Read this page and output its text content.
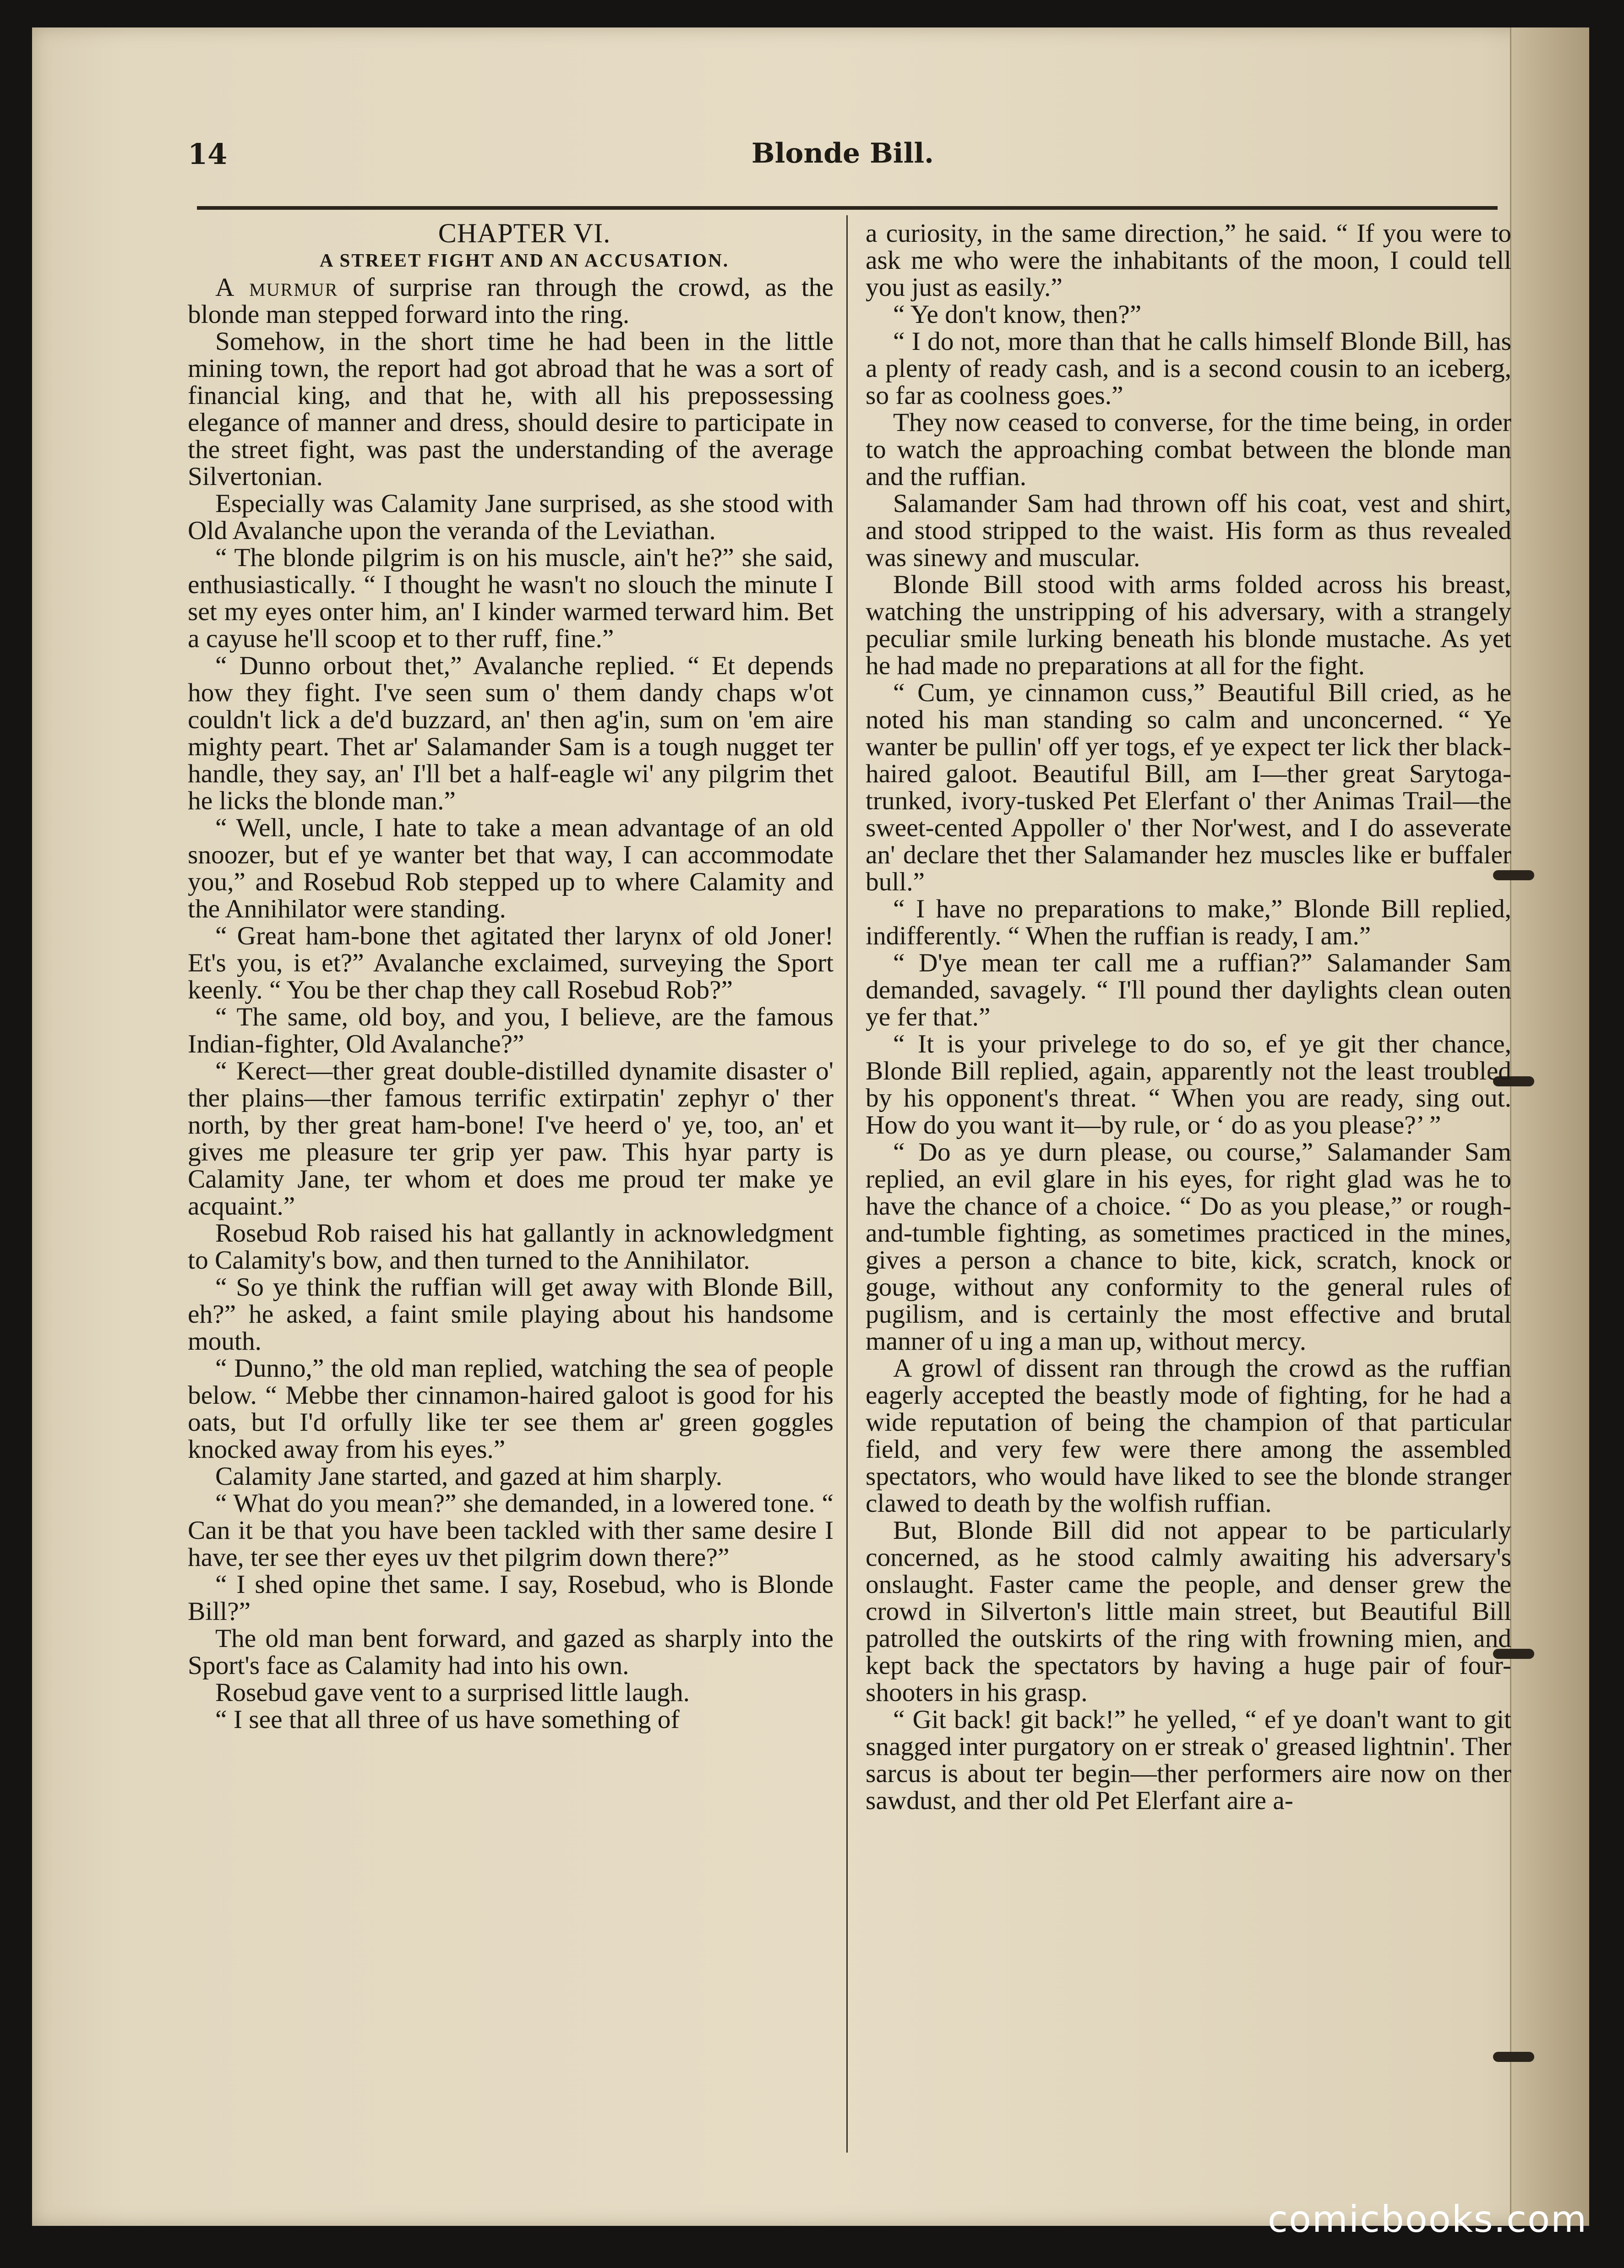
14	Blonde Bill.

CHAPTER VI.

A STREET FIGHT AND AN ACCUSATION.

A murmur of surprise ran through the crowd, as the blonde man stepped forward into the ring.

Somehow, in the short time he had been in the little mining town, the report had got abroad that he was a sort of financial king, and that he, with all his prepossessing elegance of manner and dress, should desire to participate in the street fight, was past the understanding of the average Silvertonian.

Especially was Calamity Jane surprised, as she stood with Old Avalanche upon the veranda of the Leviathan.

“ The blonde pilgrim is on his muscle, ain't he?” she said, enthusiastically. “ I thought he wasn't no slouch the minute I set my eyes onter him, an' I kinder warmed terward him. Bet a cayuse he'll scoop et to ther ruff, fine.”

“ Dunno orbout thet,” Avalanche replied. “ Et depends how they fight. I've seen sum o' them dandy chaps w'ot couldn't lick a de'd buzzard, an' then ag'in, sum on 'em aire mighty peart. Thet ar' Salamander Sam is a tough nugget ter handle, they say, an' I'll bet a half-eagle wi' any pilgrim thet he licks the blonde man.”

“ Well, uncle, I hate to take a mean advantage of an old snoozer, but ef ye wanter bet that way, I can accommodate you,” and Rosebud Rob stepped up to where Calamity and the Annihilator were standing.

“ Great ham-bone thet agitated ther larynx of old Joner! Et's you, is et?” Avalanche exclaimed, surveying the Sport keenly. “ You be ther chap they call Rosebud Rob?”

“ The same, old boy, and you, I believe, are the famous Indian-fighter, Old Avalanche?”

“ Kerect—ther great double-distilled dynamite disaster o' ther plains—ther famous terrific extirpatin' zephyr o' ther north, by ther great ham-bone! I've heerd o' ye, too, an' et gives me pleasure ter grip yer paw. This hyar party is Calamity Jane, ter whom et does me proud ter make ye acquaint.”

Rosebud Rob raised his hat gallantly in acknowledgment to Calamity's bow, and then turned to the Annihilator.

“ So ye think the ruffian will get away with Blonde Bill, eh?” he asked, a faint smile playing about his handsome mouth.

“ Dunno,” the old man replied, watching the sea of people below. “ Mebbe ther cinnamon-haired galoot is good for his oats, but I'd orfully like ter see them ar' green goggles knocked away from his eyes.”

Calamity Jane started, and gazed at him sharply.

“ What do you mean?” she demanded, in a lowered tone. “ Can it be that you have been tackled with ther same desire I have, ter see ther eyes uv thet pilgrim down there?”

“ I shed opine thet same. I say, Rosebud, who is Blonde Bill?”

The old man bent forward, and gazed as sharply into the Sport's face as Calamity had into his own.

Rosebud gave vent to a surprised little laugh.

“ I see that all three of us have something of

a curiosity, in the same direction,” he said. “ If you were to ask me who were the inhabitants of the moon, I could tell you just as easily.”

“ Ye don't know, then?”

“ I do not, more than that he calls himself Blonde Bill, has a plenty of ready cash, and is a second cousin to an iceberg, so far as coolness goes.”

They now ceased to converse, for the time being, in order to watch the approaching combat between the blonde man and the ruffian.

Salamander Sam had thrown off his coat, vest and shirt, and stood stripped to the waist. His form as thus revealed was sinewy and muscular.

Blonde Bill stood with arms folded across his breast, watching the unstripping of his adversary, with a strangely peculiar smile lurking beneath his blonde mustache. As yet he had made no preparations at all for the fight.

“ Cum, ye cinnamon cuss,” Beautiful Bill cried, as he noted his man standing so calm and unconcerned. “ Ye wanter be pullin' off yer togs, ef ye expect ter lick ther black-haired galoot. Beautiful Bill, am I—ther great Sarytoga-trunked, ivory-tusked Pet Elerfant o' ther Animas Trail—the sweet-cented Appoller o' ther Nor'west, and I do asseverate an' declare thet ther Salamander hez muscles like er buffaler bull.”

“ I have no preparations to make,” Blonde Bill replied, indifferently. “ When the ruffian is ready, I am.”

“ D'ye mean ter call me a ruffian?” Salamander Sam demanded, savagely. “ I'll pound ther daylights clean outen ye fer that.”

“ It is your privelege to do so, ef ye git ther chance, Blonde Bill replied, again, apparently not the least troubled by his opponent's threat. “ When you are ready, sing out. How do you want it—by rule, or ‘ do as you please?’ ”

“ Do as ye durn please, ou course,” Salamander Sam replied, an evil glare in his eyes, for right glad was he to have the chance of a choice. “ Do as you please,” or rough-and-tumble fighting, as sometimes practiced in the mines, gives a person a chance to bite, kick, scratch, knock or gouge, without any conformity to the general rules of pugilism, and is certainly the most effective and brutal manner of u ing a man up, without mercy.

A growl of dissent ran through the crowd as the ruffian eagerly accepted the beastly mode of fighting, for he had a wide reputation of being the champion of that particular field, and very few were there among the assembled spectators, who would have liked to see the blonde stranger clawed to death by the wolfish ruffian.

But, Blonde Bill did not appear to be particularly concerned, as he stood calmly awaiting his adversary's onslaught. Faster came the people, and denser grew the crowd in Silverton's little main street, but Beautiful Bill patrolled the outskirts of the ring with frowning mien, and kept back the spectators by having a huge pair of four-shooters in his grasp.

“ Git back! git back!” he yelled, “ ef ye doan't want to git snagged inter purgatory on er streak o' greased lightnin'. Ther sarcus is about ter begin—ther performers aire now on ther sawdust, and ther old Pet Elerfant aire a-

comicbooks.com
